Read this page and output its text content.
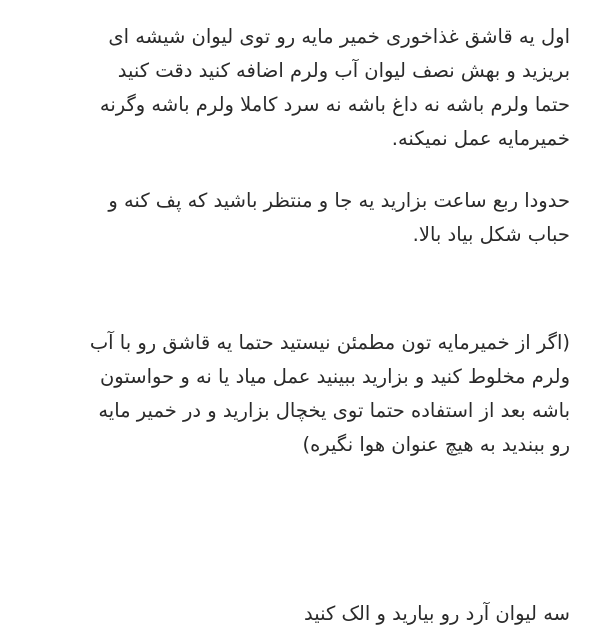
اول یه قاشق غذاخوری خمیر مایه رو توی لیوان شیشه ای
بریزید و بهش نصف لیوان آب ولرم اضافه کنید دقت کنید
حتما ولرم باشه نه داغ باشه نه سرد کاملا ولرم باشه وگرنه
خمیرمایه عمل نمیکنه.

حدودا ربع ساعت بزارید یه جا و منتظر باشید که پف کنه و
حباب شکل بیاد بالا.

(اگر از خمیرمایه تون مطمئن نیستید حتما یه قاشق رو با آب
ولرم مخلوط کنید و بزارید ببینید عمل میاد یا نه و حواستون
باشه بعد از استفاده حتما توی یخچال بزارید و در خمیر مایه
رو ببندید به هیچ عنوان هوا نگیره)

سه لیوان آرد رو بیارید و الک کنید
